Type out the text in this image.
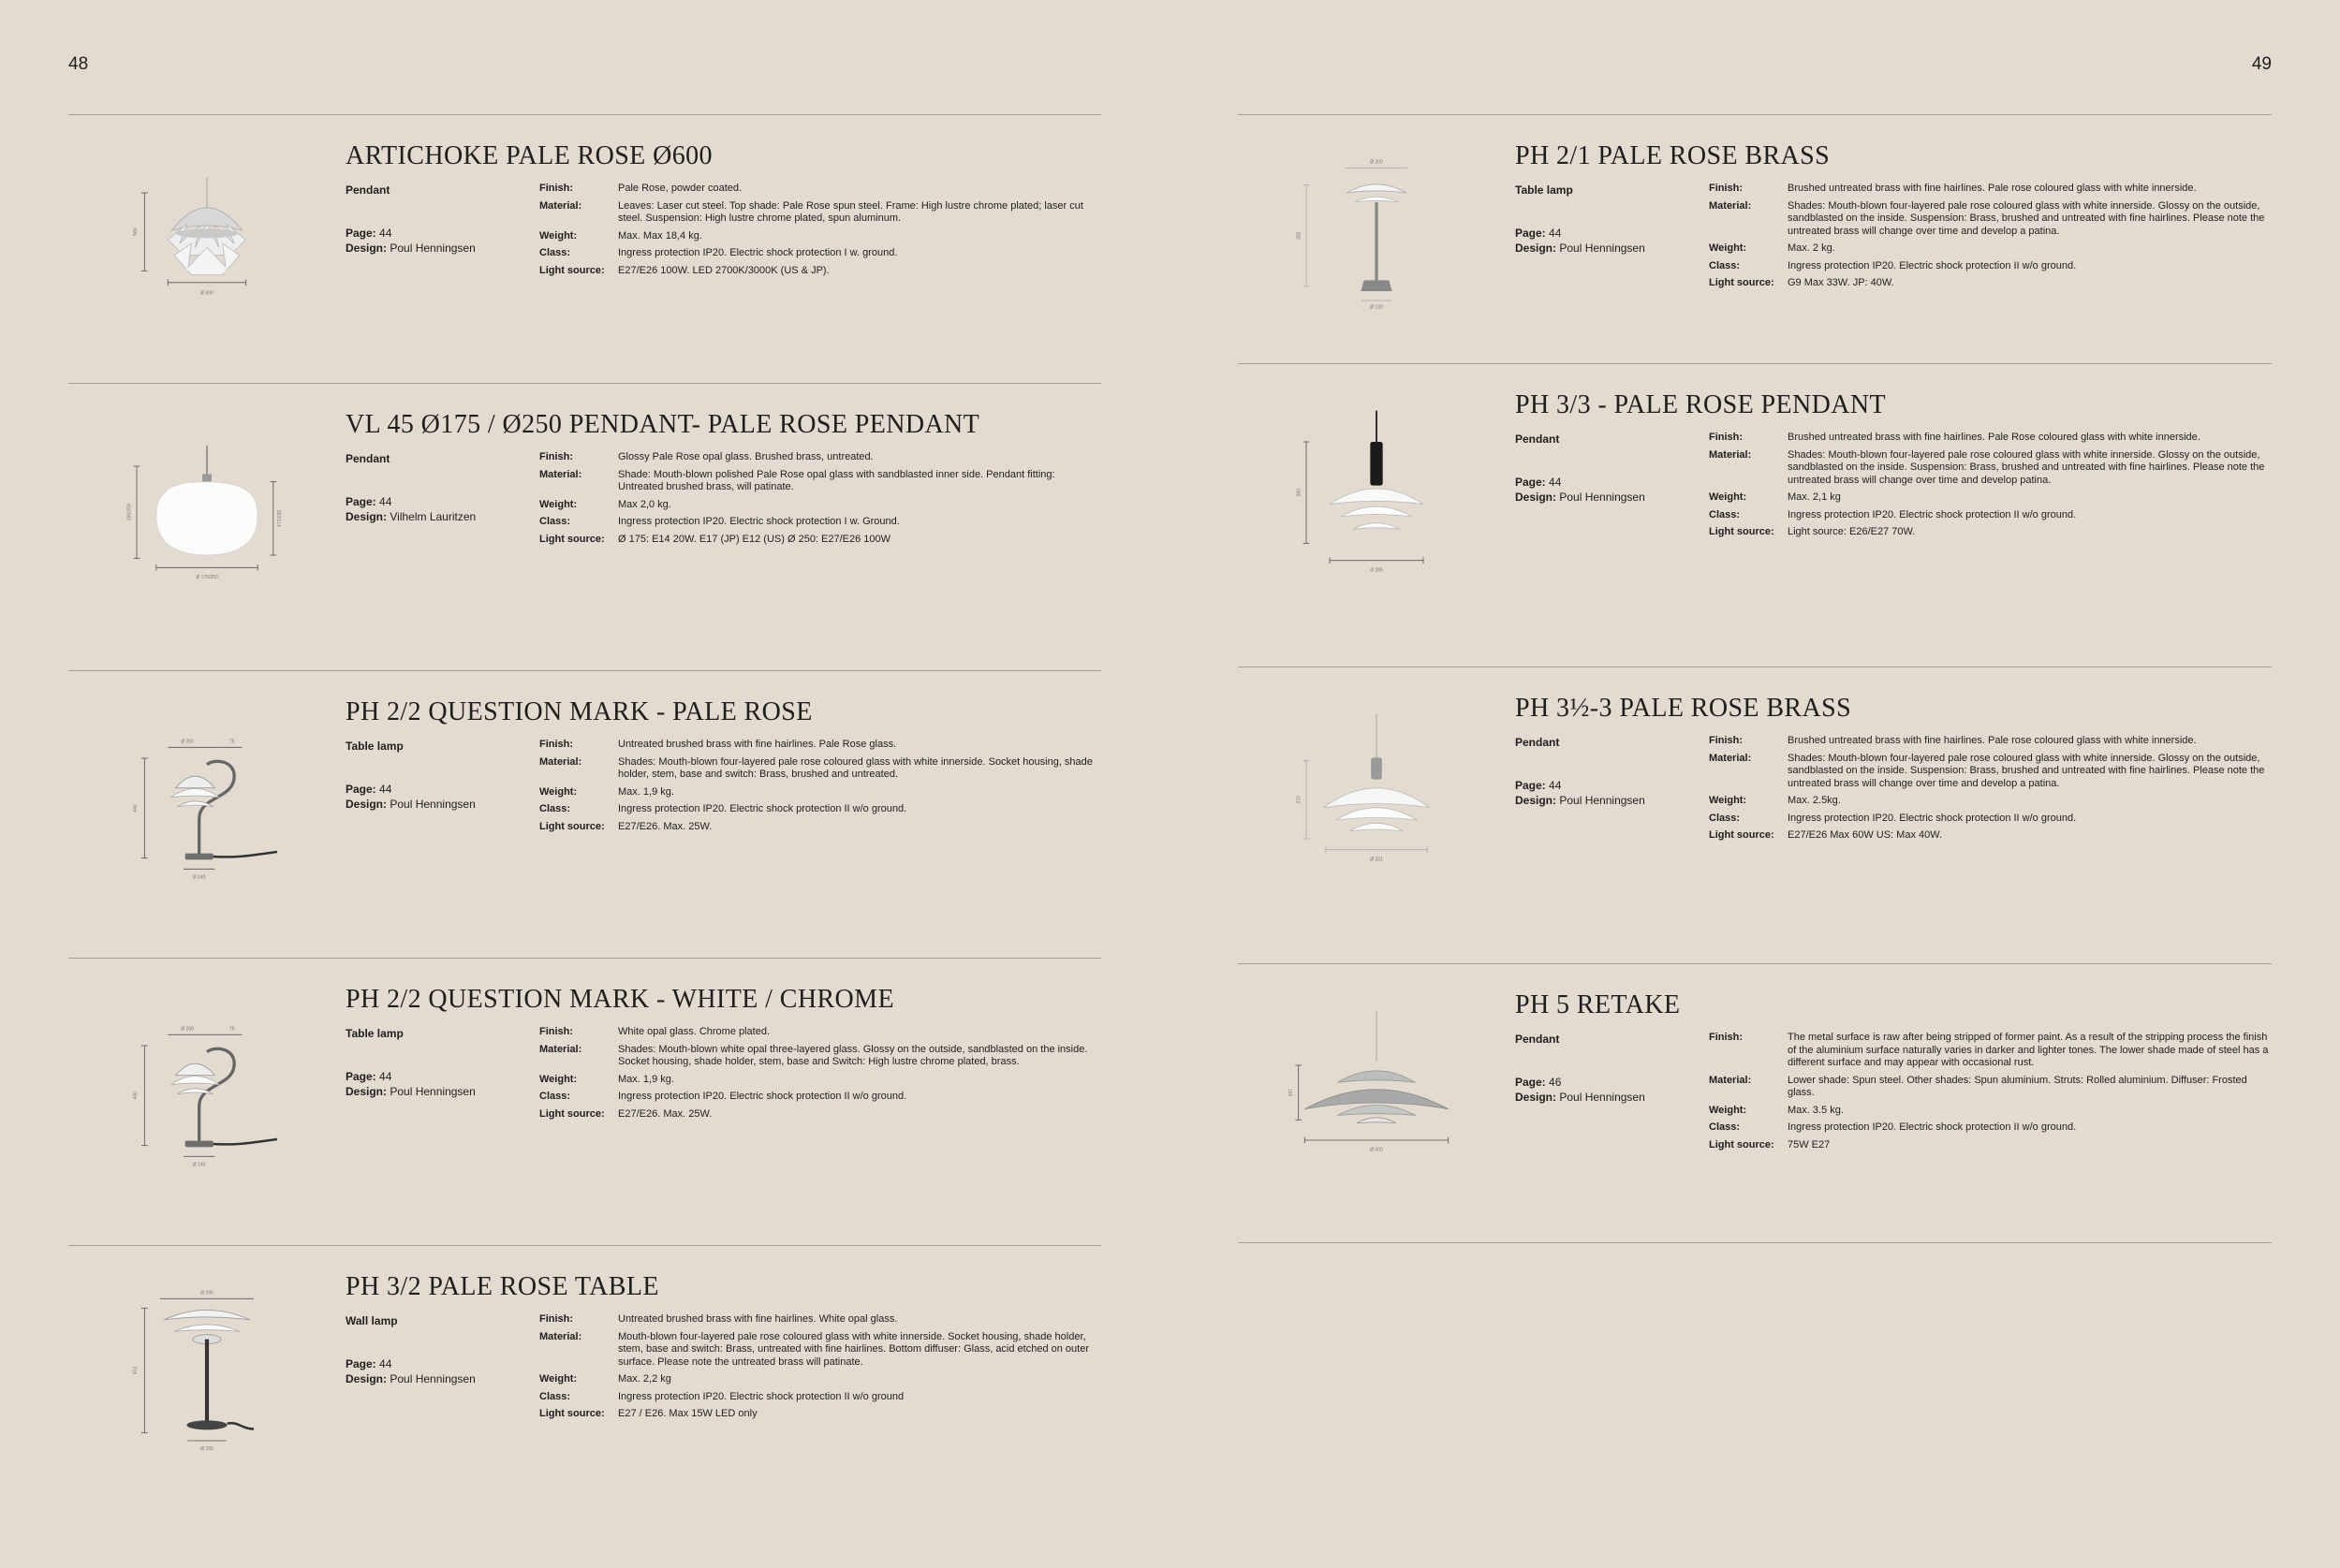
48	49
Ø 600
580
ARTICHOKE PALE ROSE Ø600
Pendant
Page: 44
Design: Poul Henningsen
Finish:	Pale Rose, powder coated.
Material:	Leaves: Laser cut steel. Top shade: Pale Rose spun steel. Frame: High lustre chrome plated; laser cut steel. Suspension: High lustre chrome plated, spun aluminum.
Weight:	Max. Max 18,4 kg.
Class:	Ingress protection IP20. Electric shock protection I w. ground.
Light source:	E27/E26 100W. LED 2700K/3000K (US & JP).
Ø 175/250
196/259	171/230
VL 45 Ø175 / Ø250 PENDANT- PALE ROSE PENDANT
Pendant
Page: 44
Design: Vilhelm Lauritzen
Finish:	Glossy Pale Rose opal glass. Brushed brass, untreated.
Material:	Shade: Mouth-blown polished Pale Rose opal glass with sandblasted inner side. Pendant fitting: Untreated brushed brass, will patinate.
Weight:	Max 2,0 kg.
Class:	Ingress protection IP20. Electric shock protection I w. Ground.
Light source:	Ø 175: E14 20W. E17 (JP) E12 (US) Ø 250: E27/E26 100W
Ø 200	75
440
Ø 140
PH 2/2 QUESTION MARK - PALE ROSE
Table lamp
Page: 44
Design: Poul Henningsen
Finish:	Untreated brushed brass with fine hairlines. Pale Rose glass.
Material:	Shades: Mouth-blown four-layered pale rose coloured glass with white innerside. Socket housing, shade holder, stem, base and switch: Brass, brushed and untreated.
Weight:	Max. 1,9 kg.
Class:	Ingress protection IP20. Electric shock protection II w/o ground.
Light source:	E27/E26. Max. 25W.
Ø 200	75
440
Ø 140
PH 2/2 QUESTION MARK - WHITE / CHROME
Table lamp
Page: 44
Design: Poul Henningsen
Finish:	White opal glass. Chrome plated.
Material:	Shades: Mouth-blown white opal three-layered glass. Glossy on the outside, sandblasted on the inside. Socket housing, shade holder, stem, base and Switch: High lustre chrome plated, brass.
Weight:	Max. 1,9 kg.
Class:	Ingress protection IP20. Electric shock protection II w/o ground.
Light source:	E27/E26. Max. 25W.
Ø 290
472
Ø 155
PH 3/2 PALE ROSE TABLE
Wall lamp
Page: 44
Design: Poul Henningsen
Finish:	Untreated brushed brass with fine hairlines. White opal glass.
Material:	Mouth-blown four-layered pale rose coloured glass with white innerside. Socket housing, shade holder, stem, base and switch: Brass, untreated with fine hairlines. Bottom diffuser: Glass, acid etched on outer surface. Please note the untreated brass will patinate.
Weight:	Max. 2,2 kg
Class:	Ingress protection IP20. Electric shock protection II w/o ground
Light source:	E27 / E26. Max 15W LED only
Ø 200
355
Ø 120
PH 2/1 PALE ROSE BRASS
Table lamp
Page: 44
Design: Poul Henningsen
Finish:	Brushed untreated brass with fine hairlines. Pale rose coloured glass with white innerside.
Material:	Shades: Mouth-blown four-layered pale rose coloured glass with white innerside. Glossy on the outside, sandblasted on the inside. Suspension: Brass, brushed and untreated with fine hairlines. Please note the untreated brass will change over time and develop a patina.
Weight:	Max. 2 kg.
Class:	Ingress protection IP20. Electric shock protection II w/o ground.
Light source:	G9 Max 33W. JP: 40W.
Ø 285
380
PH 3/3 - PALE ROSE PENDANT
Pendant
Page: 44
Design: Poul Henningsen
Finish:	Brushed untreated brass with fine hairlines. Pale Rose coloured glass with white innerside.
Material:	Shades: Mouth-blown four-layered pale rose coloured glass with white innerside. Glossy on the outside, sandblasted on the inside. Suspension: Brass, brushed and untreated with fine hairlines. Please note the untreated brass will change over time and develop patina.
Weight:	Max. 2,1 kg
Class:	Ingress protection IP20. Electric shock protection II w/o ground.
Light source:	Light source: E26/E27 70W.
Ø 331
270
PH 3½-3 PALE ROSE BRASS
Pendant
Page: 44
Design: Poul Henningsen
Finish:	Brushed untreated brass with fine hairlines. Pale rose coloured glass with white innerside.
Material:	Shades: Mouth-blown four-layered pale rose coloured glass with white innerside. Glossy on the outside, sandblasted on the inside. Suspension: Brass, brushed and untreated with fine hairlines. Please note the untreated brass will change over time and develop a patina.
Weight:	Max. 2.5kg.
Class:	Ingress protection IP20. Electric shock protection II w/o ground.
Light source:	E27/E26 Max 60W US: Max 40W.
Ø 500
267
PH 5 RETAKE
Pendant
Page: 46
Design: Poul Henningsen
Finish:	The metal surface is raw after being stripped of former paint. As a result of the stripping process the finish of the aluminium surface naturally varies in darker and lighter tones. The lower shade made of steel has a different surface and may appear with occasional rust.
Material:	Lower shade: Spun steel. Other shades: Spun aluminium. Struts: Rolled aluminium. Diffuser: Frosted glass.
Weight:	Max. 3.5 kg.
Class:	Ingress protection IP20. Electric shock protection II w/o ground.
Light source:	75W E27
